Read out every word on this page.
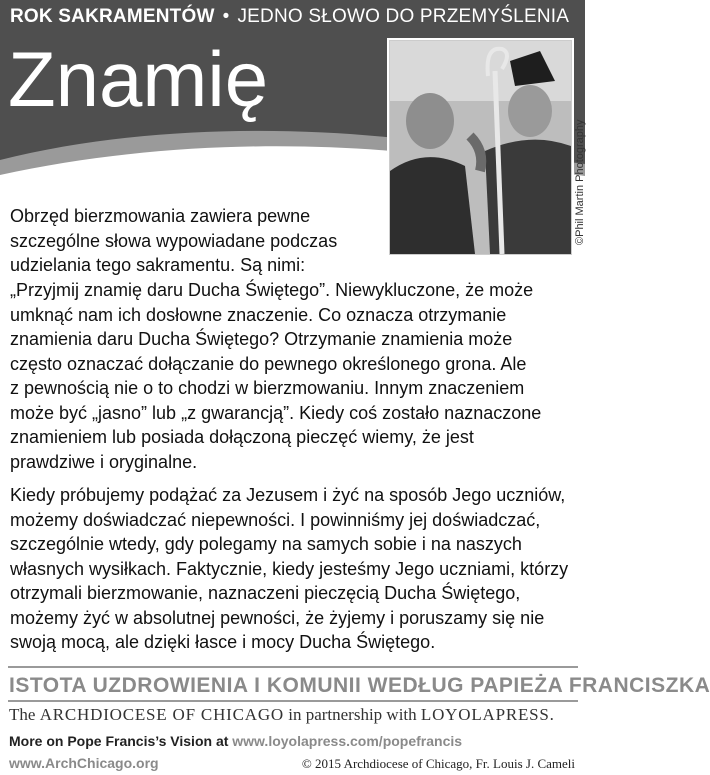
ROK SAKRAMENTÓW • JEDNO SŁOWO DO PRZEMYŚLENIA
Znamię
©Phil Martin Photography
Obrzęd bierzmowania zawiera pewne
szczególne słowa wypowiadane podczas
udzielania tego sakramentu. Są nimi:
„Przyjmij znamię daru Ducha Świętego”. Niewykluczone, że może
umknąć nam ich dosłowne znaczenie. Co oznacza otrzymanie
znamienia daru Ducha Świętego? Otrzymanie znamienia może
często oznaczać dołączanie do pewnego określonego grona. Ale
z pewnością nie o to chodzi w bierzmowaniu. Innym znaczeniem
może być „jasno” lub „z gwarancją”. Kiedy coś zostało naznaczone
znamieniem lub posiada dołączoną pieczęć wiemy, że jest
prawdziwe i oryginalne.
Kiedy próbujemy podążać za Jezusem i żyć na sposób Jego uczniów,
możemy doświadczać niepewności. I powinniśmy jej doświadczać,
szczególnie wtedy, gdy polegamy na samych sobie i na naszych
własnych wysiłkach. Faktycznie, kiedy jesteśmy Jego uczniami, którzy
otrzymali bierzmowanie, naznaczeni pieczęcią Ducha Świętego,
możemy żyć w absolutnej pewności, że żyjemy i poruszamy się nie
swoją mocą, ale dzięki łasce i mocy Ducha Świętego.
ISTOTA UZDROWIENIA I KOMUNII WEDŁUG PAPIEŻA FRANCISZKA
The ARCHDIOCESE OF CHICAGO in partnership with LOYOLAPRESS.
More on Pope Francis’s Vision at www.loyolapress.com/popefrancis
www.ArchChicago.org	© 2015 Archdiocese of Chicago, Fr. Louis J. Cameli
